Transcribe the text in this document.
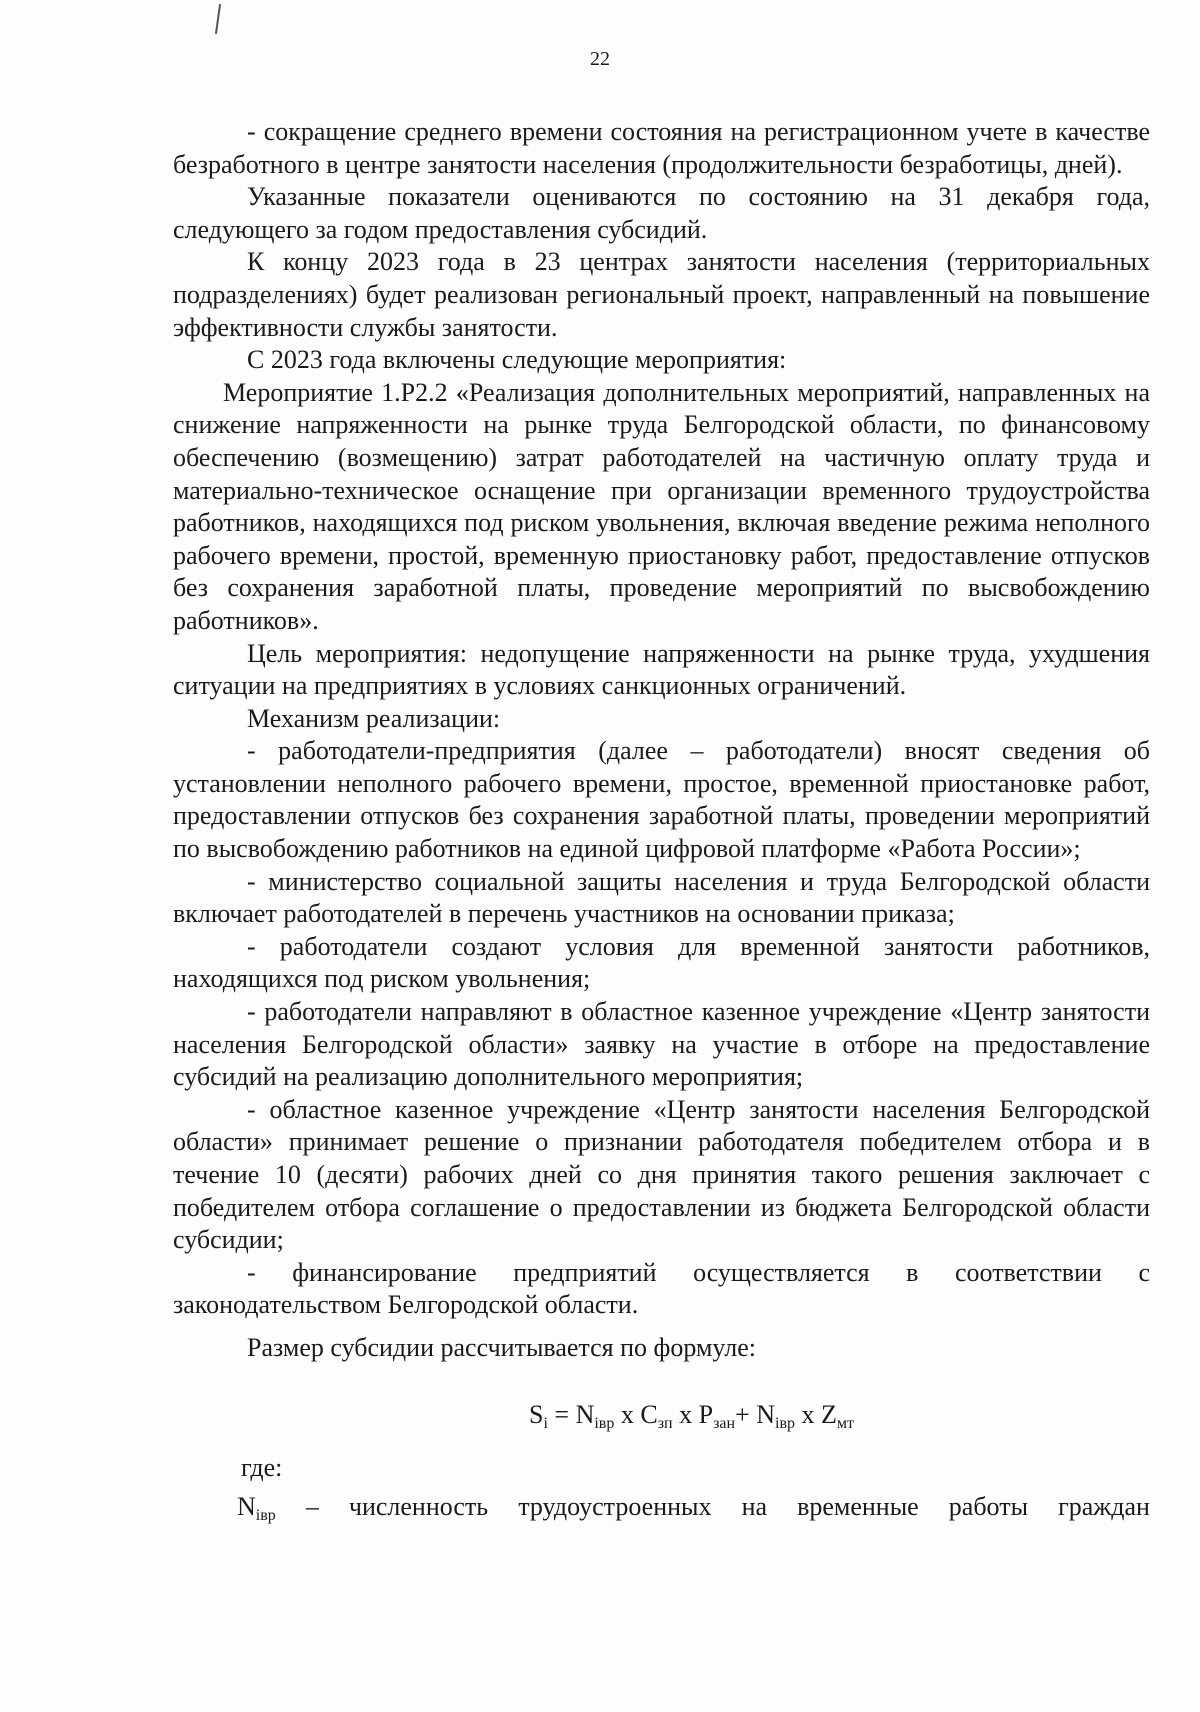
22

- сокращение среднего времени состояния на регистрационном учете в качестве безработного в центре занятости населения (продолжительности безработицы, дней).

Указанные показатели оцениваются по состоянию на 31 декабря года, следующего за годом предоставления субсидий.

К концу 2023 года в 23 центрах занятости населения (территориальных подразделениях) будет реализован региональный проект, направленный на повышение эффективности службы занятости.

С 2023 года включены следующие мероприятия:

Мероприятие 1.Р2.2 «Реализация дополнительных мероприятий, направленных на снижение напряженности на рынке труда Белгородской области, по финансовому обеспечению (возмещению) затрат работодателей на частичную оплату труда и материально-техническое оснащение при организации временного трудоустройства работников, находящихся под риском увольнения, включая введение режима неполного рабочего времени, простой, временную приостановку работ, предоставление отпусков без сохранения заработной платы, проведение мероприятий по высвобождению работников».

Цель мероприятия: недопущение напряженности на рынке труда, ухудшения ситуации на предприятиях в условиях санкционных ограничений.

Механизм реализации:

- работодатели-предприятия (далее – работодатели) вносят сведения об установлении неполного рабочего времени, простое, временной приостановке работ, предоставлении отпусков без сохранения заработной платы, проведении мероприятий по высвобождению работников на единой цифровой платформе «Работа России»;

- министерство социальной защиты населения и труда Белгородской области включает работодателей в перечень участников на основании приказа;

- работодатели создают условия для временной занятости работников, находящихся под риском увольнения;

- работодатели направляют в областное казенное учреждение «Центр занятости населения Белгородской области» заявку на участие в отборе на предоставление субсидий на реализацию дополнительного мероприятия;

- областное казенное учреждение «Центр занятости населения Белгородской области» принимает решение о признании работодателя победителем отбора и в течение 10 (десяти) рабочих дней со дня принятия такого решения заключает с победителем отбора соглашение о предоставлении из бюджета Белгородской области субсидии;

- финансирование предприятий осуществляется в соответствии с законодательством Белгородской области.

Размер субсидии рассчитывается по формуле:

$S_i = N_{iвр}$ x $C_{зп}$ x $P_{зан}+ N_{iвр}$ x $Z_{мт}$

где:

$N_{iвр}$ – численность трудоустроенных на временные работы граждан
